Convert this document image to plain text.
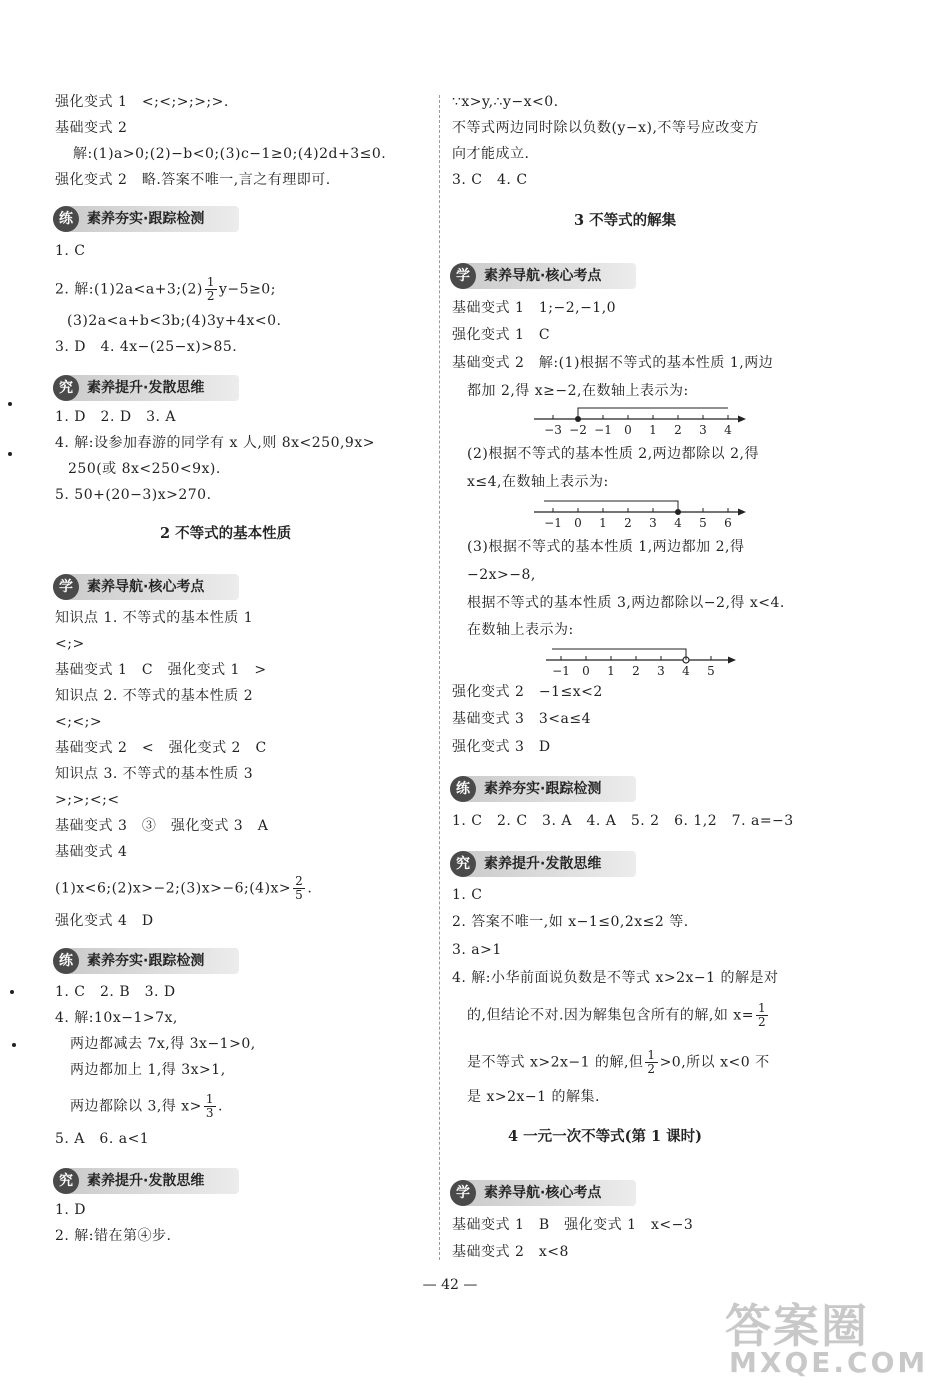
强化变式 1　<;<;>;>;>.
基础变式 2
解:(1)a>0;(2)−b<0;(3)c−1≥0;(4)2d+3≤0.
强化变式 2　略.答案不唯一,言之有理即可.
练	素养夯实·跟踪检测
1. C
2. 解:(1)2a<a+3;(2) $\frac{1}{2} y-5\ge 0$;
(3)2a<a+b<3b;(4)3y+4x<0.
3. D　4. 4x−(25−x)>85.
究	素养提升·发散思维
1. D　2. D　3. A
4. 解:设参加春游的同学有 x 人,则 8x<250,9x>
250(或 8x<250<9x).
5. 50+(20−3)x>270.
2 不等式的基本性质
学	素养导航·核心考点
知识点 1. 不等式的基本性质 1
<;>
基础变式 1　C　强化变式 1　>
知识点 2. 不等式的基本性质 2
<;<;>
基础变式 2　<　强化变式 2　C
知识点 3. 不等式的基本性质 3
>;>;<;<
基础变式 3　③　强化变式 3　A
基础变式 4
(1)x<6;(2)x>−2;(3)x>−6;(4)x> $\frac{2}{5}$ .
强化变式 4　D
练	素养夯实·跟踪检测
1. C　2. B　3. D
4. 解:10x−1>7x,
两边都减去 7x,得 3x−1>0,
两边都加上 1,得 3x>1,
两边都除以 3,得 $x> \frac{1}{3}$ .
5. A　6. a<1
究	素养提升·发散思维
1. D
2. 解:错在第④步.
∵x>y,∴y−x<0.
不等式两边同时除以负数(y−x),不等号应改变方
向才能成立.
3. C　4. C
3 不等式的解集
学	素养导航·核心考点
基础变式 1　1;−2,−1,0
强化变式 1　C
基础变式 2　解:(1)根据不等式的基本性质 1,两边
都加 2,得 x≥−2,在数轴上表示为:
−3 −2 −1 0 1 2 3 4
(2)根据不等式的基本性质 2,两边都除以 2,得
x≤4,在数轴上表示为:
−1 0 1 2 3 4 5 6
(3)根据不等式的基本性质 1,两边都加 2,得
−2x>−8,
根据不等式的基本性质 3,两边都除以−2,得 x<4.
在数轴上表示为:
−1 0 1 2 3 4 5
强化变式 2　−1≤x<2
基础变式 3　3<a≤4
强化变式 3　D
练	素养夯实·跟踪检测
1. C　2. C　3. A　4. A　5. 2　6. 1,2　7. a=−3
究	素养提升·发散思维
1. C
2. 答案不唯一,如 x−1≤0,2x≤2 等.
3. a>1
4. 解:小华前面说负数是不等式 x>2x−1 的解是对
的,但结论不对.因为解集包含所有的解,如 $x= \frac{1}{2}$
是不等式 x>2x−1 的解,但 $\frac{1}{2} >0$,所以 x<0 不
是 x>2x−1 的解集.
4 一元一次不等式(第 1 课时)
学	素养导航·核心考点
基础变式 1　B　强化变式 1　x<−3
基础变式 2　x<8
— 42 —
答案圈
MXQE.COM
